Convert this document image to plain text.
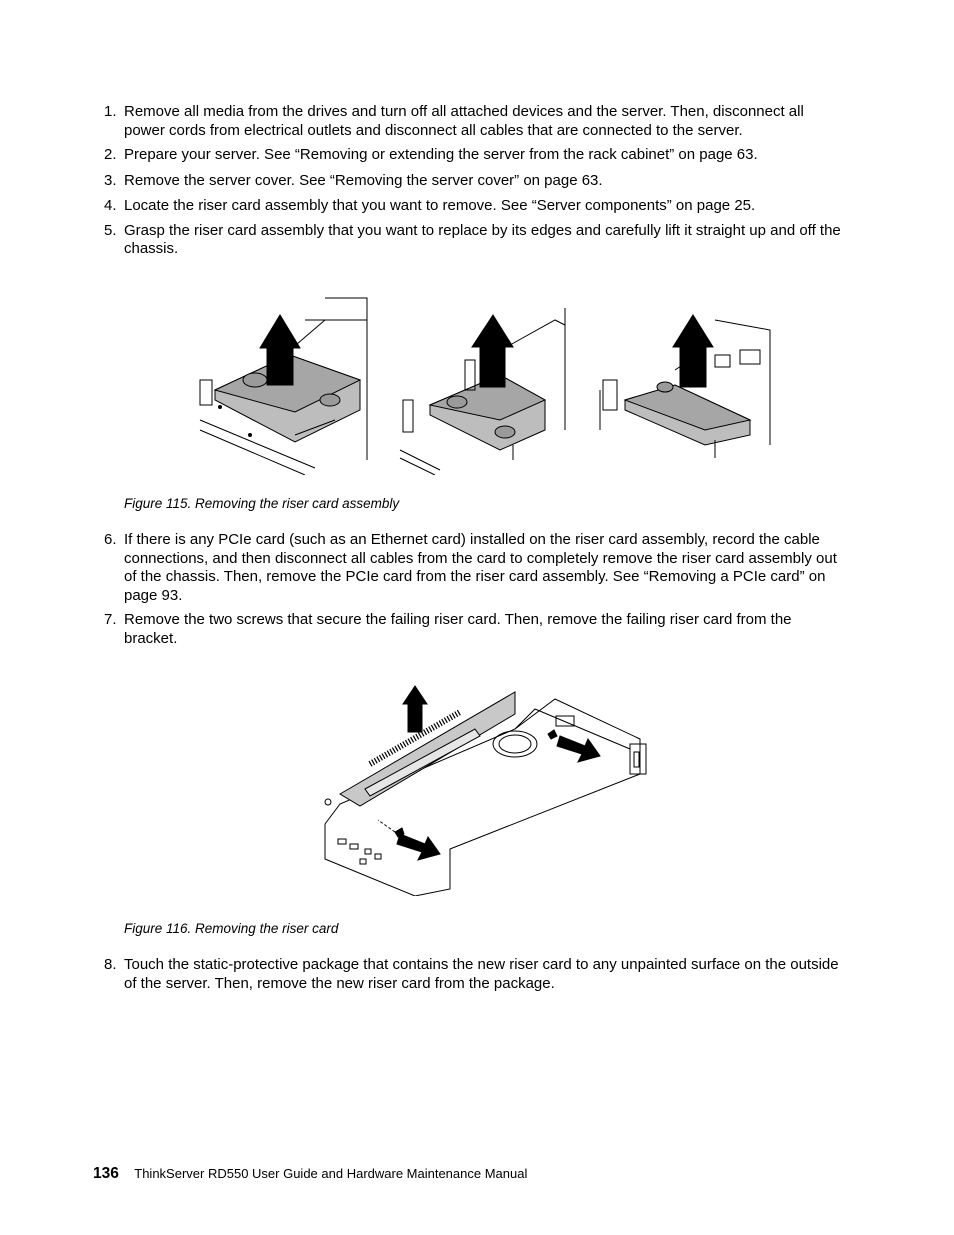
1. Remove all media from the drives and turn off all attached devices and the server. Then, disconnect all power cords from electrical outlets and disconnect all cables that are connected to the server.
2. Prepare your server. See “Removing or extending the server from the rack cabinet” on page 63.
3. Remove the server cover. See “Removing the server cover” on page 63.
4. Locate the riser card assembly that you want to remove. See “Server components” on page 25.
5. Grasp the riser card assembly that you want to replace by its edges and carefully lift it straight up and off the chassis.
Figure 115. Removing the riser card assembly
6. If there is any PCIe card (such as an Ethernet card) installed on the riser card assembly, record the cable connections, and then disconnect all cables from the card to completely remove the riser card assembly out of the chassis. Then, remove the PCIe card from the riser card assembly. See “Removing a PCIe card” on page 93.
7. Remove the two screws that secure the failing riser card. Then, remove the failing riser card from the bracket.
Figure 116. Removing the riser card
8. Touch the static-protective package that contains the new riser card to any unpainted surface on the outside of the server. Then, remove the new riser card from the package.
136 ThinkServer RD550 User Guide and Hardware Maintenance Manual
